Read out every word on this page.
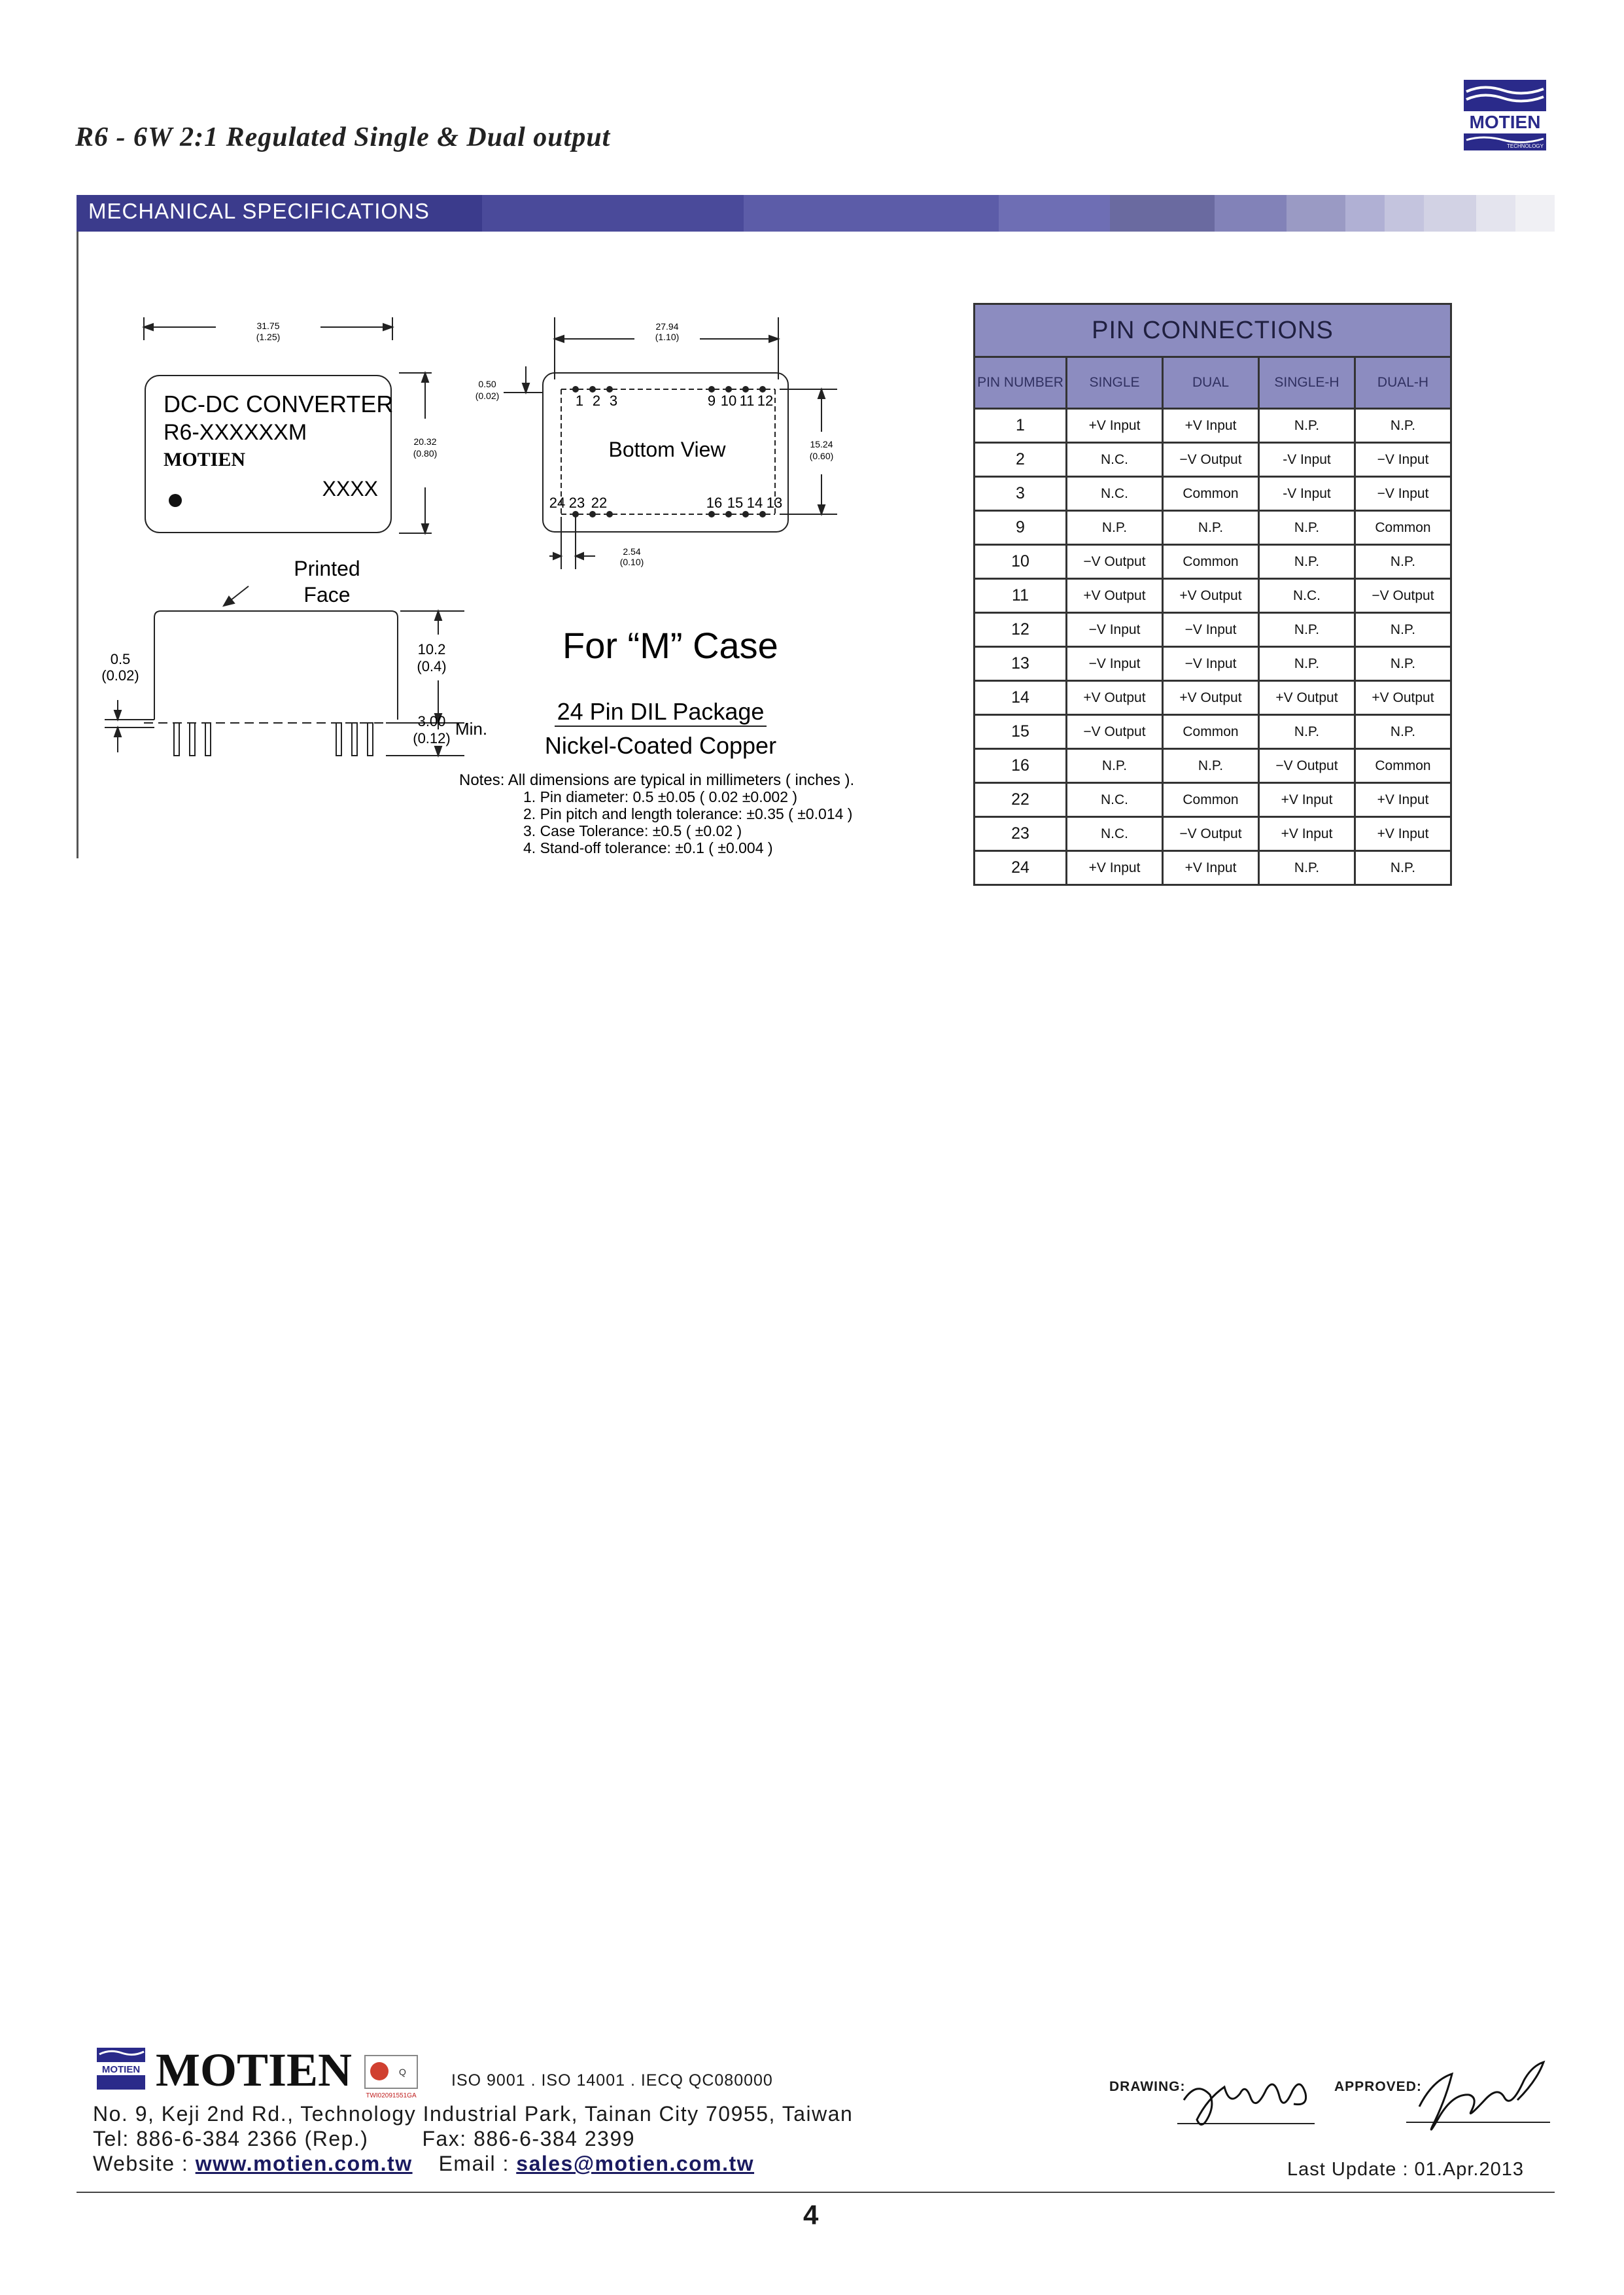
R6 - 6W 2:1 Regulated Single & Dual output
MOTIEN
TECHNOLOGY
MECHANICAL SPECIFICATIONS
31.75
(1.25)
20.32
(0.80)
DC-DC CONVERTER
R6-XXXXXXM
MOTIEN
XXXX
27.94
(1.10)
0.50
(0.02)
15.24
(0.60)
2.54
(0.10)
Bottom View
1 2 3	9 10 11 12
24 23 22	16 15 14 13
Printed
Face
0.5
(0.02)
10.2
(0.4)
3.00
(0.12) Min.
For “M” Case
24 Pin DIL Package
Nickel-Coated Copper
Notes: All dimensions are typical in millimeters ( inches ).
1. Pin diameter: 0.5 ±0.05 ( 0.02 ±0.002 )
2. Pin pitch and length tolerance: ±0.35 ( ±0.014 )
3. Case Tolerance: ±0.5 ( ±0.02 )
4. Stand-off tolerance: ±0.1 ( ±0.004 )
PIN CONNECTIONS				
PIN NUMBER	SINGLE	DUAL	SINGLE-H	DUAL-H
1	+V Input	+V Input	N.P.	N.P.
2	N.C.	−V Output	-V Input	−V Input
3	N.C.	Common	-V Input	−V Input
9	N.P.	N.P.	N.P.	Common
10	−V Output	Common	N.P.	N.P.
11	+V Output	+V Output	N.C.	−V Output
12	−V Input	−V Input	N.P.	N.P.
13	−V Input	−V Input	N.P.	N.P.
14	+V Output	+V Output	+V Output	+V Output
15	−V Output	Common	N.P.	N.P.
16	N.P.	N.P.	−V Output	Common
22	N.C.	Common	+V Input	+V Input
23	N.C.	−V Output	+V Input	+V Input
24	+V Input	+V Input	N.P.	N.P.
MOTIEN MOTIEN	Q
TWI02091551GA
ISO 9001 . ISO 14001 . IECQ QC080000
No. 9, Keji 2nd Rd., Technology Industrial Park, Tainan City 70955, Taiwan
Tel: 886-6-384 2366 (Rep.)	Fax: 886-6-384 2399
Website : www.motien.com.tw Email : sales@motien.com.tw
DRAWING:	APPROVED:
Last Update : 01.Apr.2013
4
